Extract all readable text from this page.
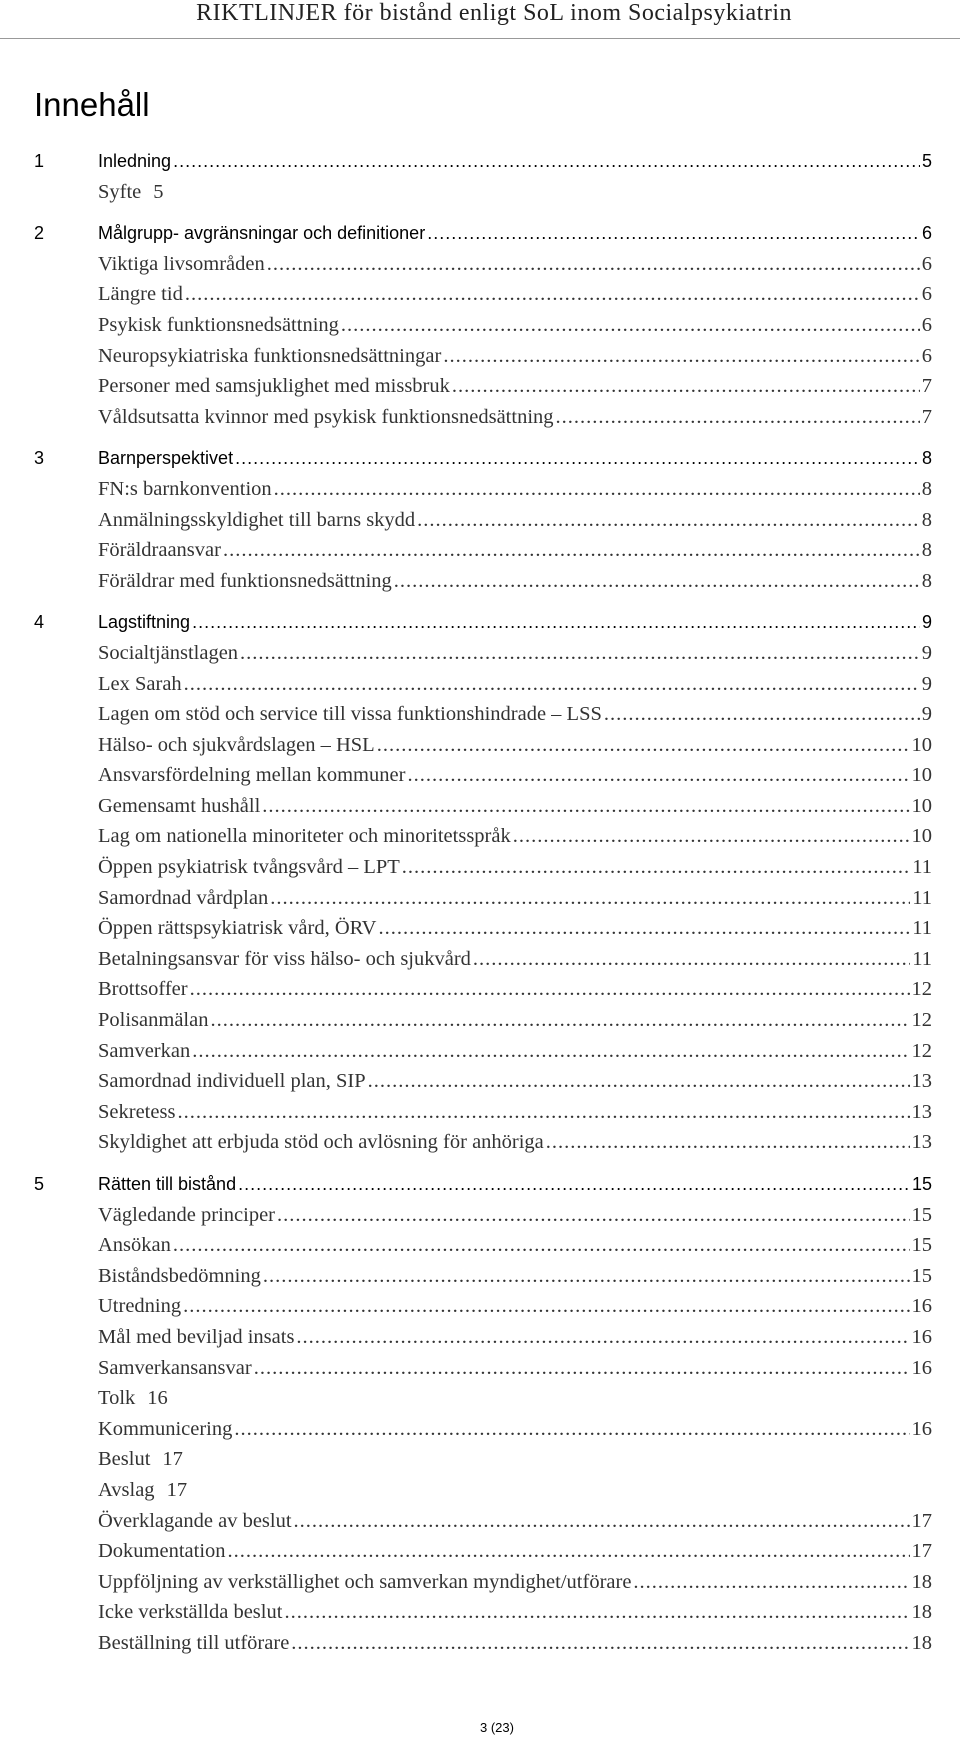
RIKTLINJER för bistånd enligt SoL inom Socialpsykiatrin
Innehåll
1	Inledning .....	5
Syfte 5
2	Målgrupp- avgränsningar och definitioner .....	6
Viktiga livsområden .....	6
Längre tid .....	6
Psykisk funktionsnedsättning .....	6
Neuropsykiatriska funktionsnedsättningar .....	6
Personer med samsjuklighet med missbruk .....	7
Våldsutsatta kvinnor med psykisk funktionsnedsättning .....	7
3	Barnperspektivet .....	8
FN:s barnkonvention .....	8
Anmälningsskyldighet till barns skydd .....	8
Föräldraansvar .....	8
Föräldrar med funktionsnedsättning .....	8
4	Lagstiftning .....	9
Socialtjänstlagen .....	9
Lex Sarah .....	9
Lagen om stöd och service till vissa funktionshindrade – LSS .....	9
Hälso- och sjukvårdslagen – HSL .....	10
Ansvarsfördelning mellan kommuner .....	10
Gemensamt hushåll .....	10
Lag om nationella minoriteter och minoritetsspråk .....	10
Öppen psykiatrisk tvångsvård – LPT .....	11
Samordnad vårdplan .....	11
Öppen rättspsykiatrisk vård, ÖRV .....	11
Betalningsansvar för viss hälso- och sjukvård .....	11
Brottsoffer .....	12
Polisanmälan .....	12
Samverkan .....	12
Samordnad individuell plan, SIP .....	13
Sekretess .....	13
Skyldighet att erbjuda stöd och avlösning för anhöriga .....	13
5	Rätten till bistånd .....	15
Vägledande principer .....	15
Ansökan .....	15
Biståndsbedömning .....	15
Utredning .....	16
Mål med beviljad insats .....	16
Samverkansansvar .....	16
Tolk 16
Kommunicering .....	16
Beslut 17
Avslag 17
Överklagande av beslut .....	17
Dokumentation .....	17
Uppföljning av verkställighet och samverkan myndighet/utförare .....	18
Icke verkställda beslut .....	18
Beställning till utförare .....	18
3 (23)
